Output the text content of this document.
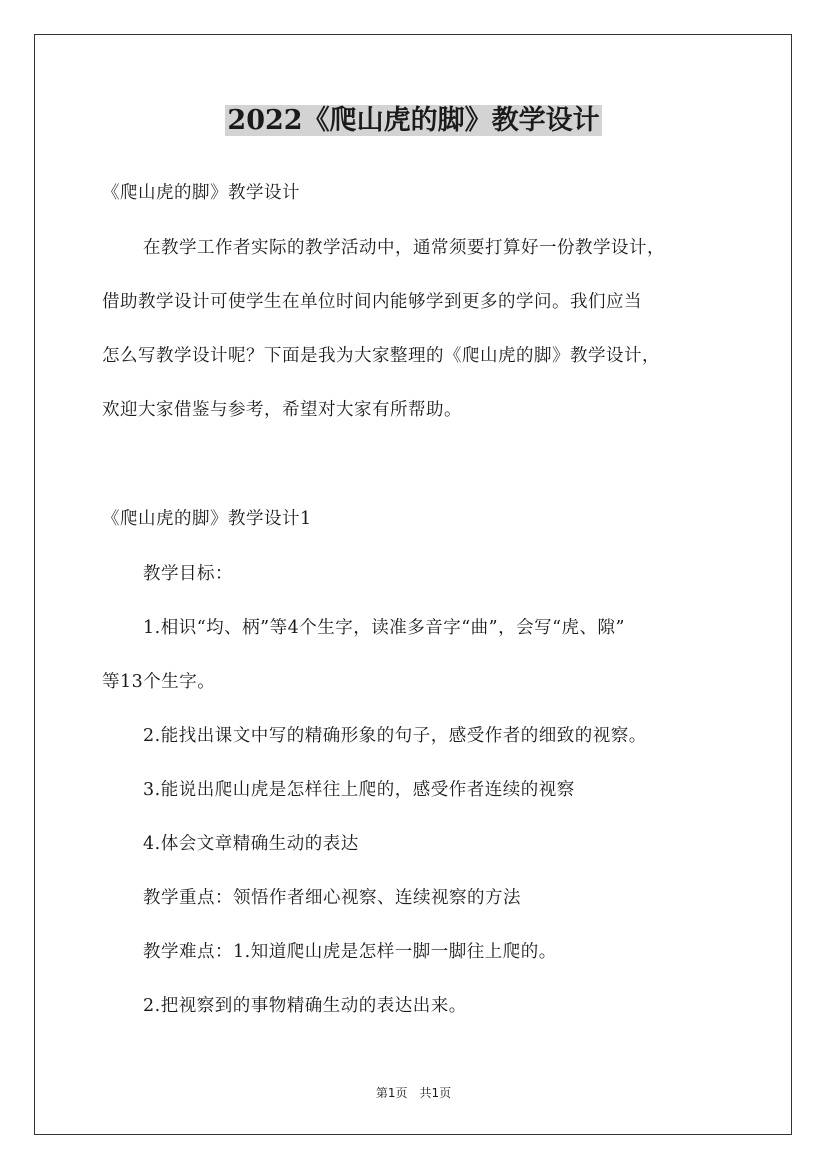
2022《爬山虎的脚》教学设计
《爬山虎的脚》教学设计
在教学工作者实际的教学活动中，通常须要打算好一份教学设计，
借助教学设计可使学生在单位时间内能够学到更多的学问。我们应当
怎么写教学设计呢？下面是我为大家整理的《爬山虎的脚》教学设计，
欢迎大家借鉴与参考，希望对大家有所帮助。
《爬山虎的脚》教学设计1
教学目标：
1.相识“均、柄”等4个生字，读准多音字“曲”，会写“虎、隙”
等13个生字。
2.能找出课文中写的精确形象的句子，感受作者的细致的视察。
3.能说出爬山虎是怎样往上爬的，感受作者连续的视察
4.体会文章精确生动的表达
教学重点：领悟作者细心视察、连续视察的方法
教学难点：1.知道爬山虎是怎样一脚一脚往上爬的。
2.把视察到的事物精确生动的表达出来。
第1页　共1页
